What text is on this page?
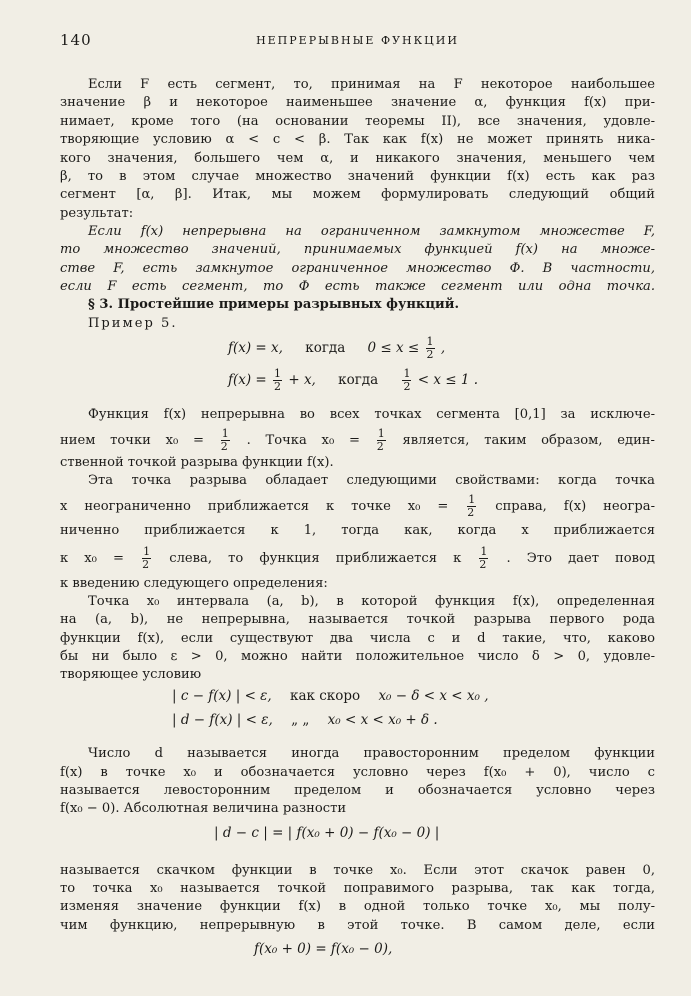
140	НЕПРЕРЫВНЫЕ ФУНКЦИИ
Если F есть сегмент, то, принимая на F некоторое наибольшее
значение β и некоторое наименьшее значение α, функция f(x) при-
нимает, кроме того (на основании теоремы II), все значения, удовле-
творяющие условию α < c < β. Так как f(x) не может принять ника-
кого значения, большего чем α, и никакого значения, меньшего чем
β, то в этом случае множество значений функции f(x) есть как раз
сегмент [α, β]. Итак, мы можем формулировать следующий общий
результат:
Если f(x) непрерывна на ограниченном замкнутом множестве F,
то множество значений, принимаемых функцией f(x) на множе-
стве F, есть замкнутое ограниченное множество Φ. В частности,
если F есть сегмент, то Φ есть также сегмент или одна точка.
§ 3. Простейшие примеры разрывных функций.
Пример 5.
f(x) = x, когда $0 \le x \le \frac{1}{2}$ ,
$f(x) = \frac{1}{2} + x$, когда $\frac{1}{2} < x \le 1$ .
Функция f(x) непрерывна во всех точках сегмента [0,1] за исключе-
нием точки $x_0 = \frac{1}{2}$ . Точка $x_0 = \frac{1}{2}$ является, таким образом, един-
ственной точкой разрыва функции f(x).
Эта точка разрыва обладает следующими свойствами: когда точка
x неограниченно приближается к точке $x_0 = \frac{1}{2}$ справа, f(x) неогра-
ниченно приближается к 1, тогда как, когда x приближается
к $x_0 = \frac{1}{2}$ слева, то функция приближается к $\frac{1}{2}$ . Это дает повод
к введению следующего определения:
Точка x₀ интервала (a, b), в которой функция f(x), определенная
на (a, b), не непрерывна, называется точкой разрыва первого рода
функции f(x), если существуют два числа c и d такие, что, каково
бы ни было ε > 0, можно найти положительное число δ > 0, удовле-
творяющее условию
| c − f(x) | < ε, как скоро x₀ − δ < x < x₀ ,
| d − f(x) | < ε, „ „ x₀ < x < x₀ + δ .
Число d называется иногда правосторонним пределом функции
f(x) в точке x₀ и обозначается условно через f(x₀ + 0), число c
называется левосторонним пределом и обозначается условно через
f(x₀ − 0). Абсолютная величина разности
| d − c | = | f(x₀ + 0) − f(x₀ − 0) |
называется скачком функции в точке x₀. Если этот скачок равен 0,
то точка x₀ называется точкой поправимого разрыва, так как тогда,
изменяя значение функции f(x) в одной только точке x₀, мы полу-
чим функцию, непрерывную в этой точке. В самом деле, если
f(x₀ + 0) = f(x₀ − 0),
